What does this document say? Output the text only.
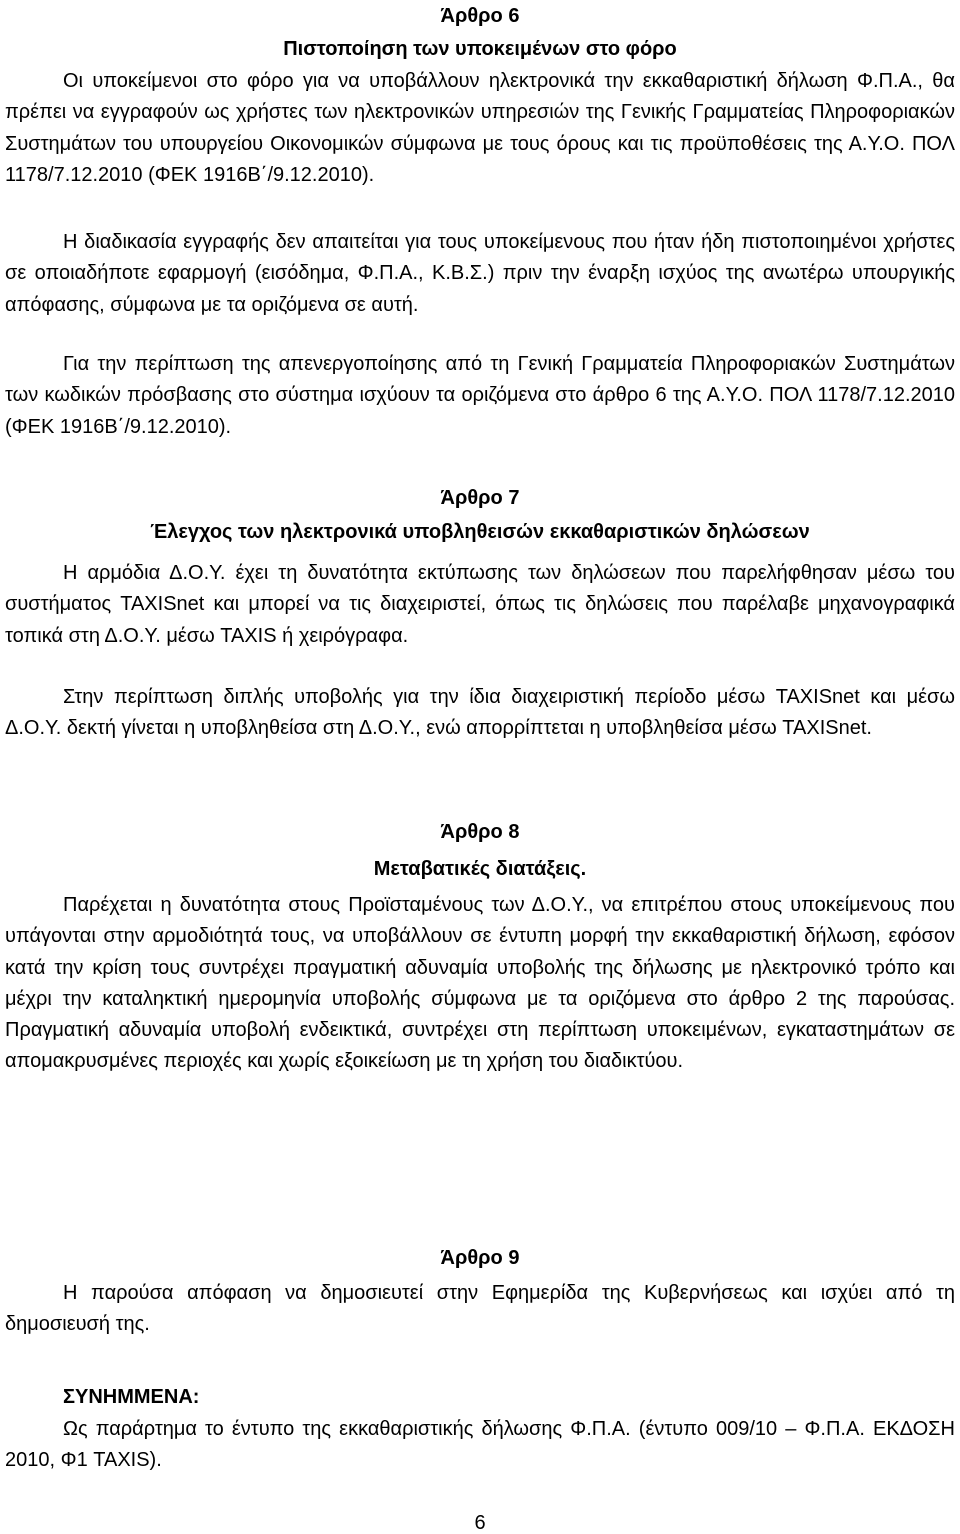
Άρθρο 6
Πιστοποίηση των υποκειμένων στο φόρο

Οι υποκείμενοι στο φόρο για να υποβάλλουν ηλεκτρονικά την εκκαθαριστική δήλωση Φ.Π.Α., θα πρέπει να εγγραφούν ως χρήστες των ηλεκτρονικών υπηρεσιών της Γενικής Γραμματείας Πληροφοριακών Συστημάτων του υπουργείου Οικονομικών σύμφωνα με τους όρους και τις προϋποθέσεις της Α.Υ.Ο. ΠΟΛ 1178/7.12.2010 (ΦΕΚ 1916Β΄/9.12.2010).

Η διαδικασία εγγραφής δεν απαιτείται για τους υποκείμενους που ήταν ήδη πιστοποιημένοι χρήστες σε οποιαδήποτε εφαρμογή (εισόδημα, Φ.Π.Α., Κ.Β.Σ.) πριν την έναρξη ισχύος της ανωτέρω υπουργικής απόφασης, σύμφωνα με τα οριζόμενα σε αυτή.

Για την περίπτωση της απενεργοποίησης από τη Γενική Γραμματεία Πληροφοριακών Συστημάτων των κωδικών πρόσβασης στο σύστημα ισχύουν τα οριζόμενα στο άρθρο 6 της Α.Υ.Ο. ΠΟΛ 1178/7.12.2010 (ΦΕΚ 1916Β΄/9.12.2010).

Άρθρο 7
Έλεγχος των ηλεκτρονικά υποβληθεισών εκκαθαριστικών δηλώσεων

Η αρμόδια Δ.Ο.Υ. έχει τη δυνατότητα εκτύπωσης των δηλώσεων που παρελήφθησαν μέσω του συστήματος TAXISnet και μπορεί να τις διαχειριστεί, όπως τις δηλώσεις που παρέλαβε μηχανογραφικά τοπικά στη Δ.Ο.Υ. μέσω TAXIS ή χειρόγραφα.

Στην περίπτωση διπλής υποβολής για την ίδια διαχειριστική περίοδο μέσω TAXISnet και μέσω Δ.Ο.Υ. δεκτή γίνεται η υποβληθείσα στη Δ.Ο.Υ., ενώ απορρίπτεται η υποβληθείσα μέσω TAXISnet.

Άρθρο 8
Μεταβατικές διατάξεις.

Παρέχεται η δυνατότητα στους Προϊσταμένους των Δ.Ο.Υ., να επιτρέπου στους υποκείμενους που υπάγονται στην αρμοδιότητά τους, να υποβάλλουν σε έντυπη μορφή την εκκαθαριστική δήλωση, εφόσον κατά την κρίση τους συντρέχει πραγματική αδυναμία υποβολής της δήλωσης με ηλεκτρονικό τρόπο και μέχρι την καταληκτική ημερομηνία υποβολής σύμφωνα με τα οριζόμενα στο άρθρο 2 της παρούσας. Πραγματική αδυναμία υποβολή ενδεικτικά, συντρέχει στη περίπτωση υποκειμένων, εγκαταστημάτων σε απομακρυσμένες περιοχές και χωρίς εξοικείωση με τη χρήση του διαδικτύου.

Άρθρο 9

Η παρούσα απόφαση να δημοσιευτεί στην Εφημερίδα της Κυβερνήσεως και ισχύει από τη δημοσιευσή της.

ΣΥΝΗΜΜΕΝΑ:

Ως παράρτημα το έντυπο της εκκαθαριστικής δήλωσης Φ.Π.Α. (έντυπο 009/10 – Φ.Π.Α. ΕΚΔΟΣΗ 2010, Φ1 TAXIS).

6
